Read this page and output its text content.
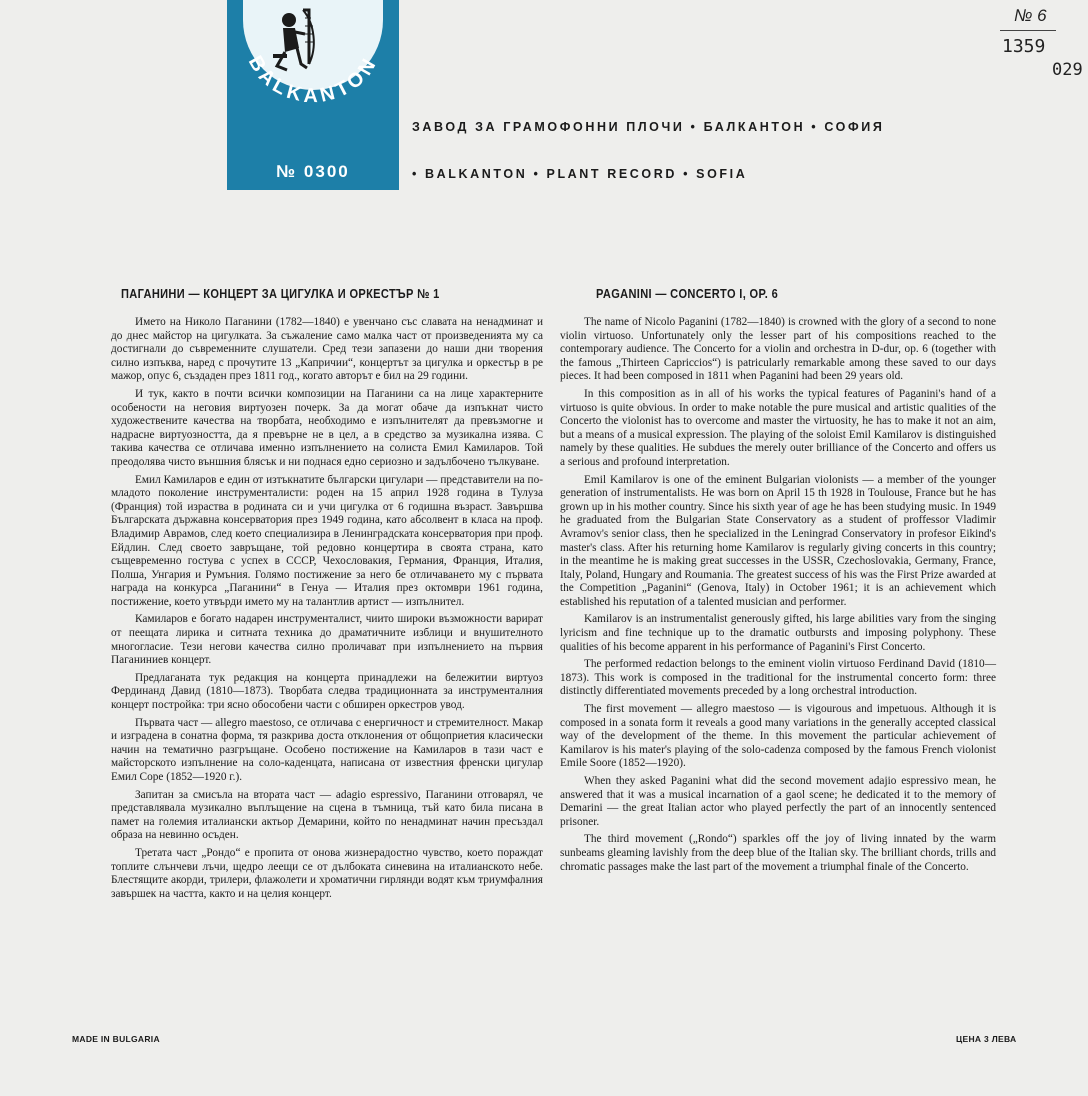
BALKANTON
№ 0300
ЗАВОД ЗА ГРАМОФОННИ ПЛОЧИ • БАЛКАНТОН • СОФИЯ
• BALKANTON • PLANT RECORD • SOFIA
№ 6
1359
029
ПАГАНИНИ — КОНЦЕРТ ЗА ЦИГУЛКА И ОРКЕСТЪР № 1	PAGANINI — CONCERTO I, OP. 6

Името на Николо Паганини (1782—1840) е увенчано със славата на ненадминат и до днес майстор на цигулката. За съжаление само малка част от произведенията му са достигнали до съвременните слушатели. Сред тези запазени до наши дни творения силно изпъква, наред с прочутите 13 „Капричии“, концертът за цигулка и оркестър в ре мажор, опус 6, създаден през 1811 год., когато авторът е бил на 29 години.

И тук, както в почти всички композиции на Паганини са на лице характерните особености на неговия виртуозен почерк. За да могат обаче да изпъкнат чисто художествените качества на творбата, необходимо е изпълнителят да превъзмогне и надрасне виртуозността, да я превърне не в цел, а в средство за музикална изява. С такива качества се отличава именно изпълнението на солиста Емил Камиларов. Той преодолява чисто външния блясък и ни поднася едно сериозно и задълбочено тълкуване.

Емил Камиларов е един от изтъкнатите български цигулари — представители на по-младото поколение инструменталисти: роден на 15 април 1928 година в Тулуза (Франция) той израства в родината си и учи цигулка от 6 годишна възраст. Завършва Българската държавна консерватория през 1949 година, като абсолвент в класа на проф. Владимир Аврамов, след което специализира в Ленинградската консерватория при проф. Ейдлин. След своето завръщане, той редовно концертира в своята страна, като същевременно гостува с успех в СССР, Чехословакия, Германия, Франция, Италия, Полша, Унгария и Румъния. Голямо постижение за него бе отличаването му с първата награда на конкурса „Паганини“ в Генуа — Италия през октомври 1961 година, постижение, което утвърди името му на талантлив артист — изпълнител.

Камиларов е богато надарен инструменталист, чиито широки възможности варират от пеещата лирика и ситната техника до драматичните изблици и внушителното многогласие. Тези негови качества силно проличават при изпълнението на първия Паганиниев концерт.

Предлаганата тук редакция на концерта принадлежи на бележитии виртуоз Фердинанд Давид (1810—1873). Творбата следва традиционната за инструменталния концерт постройка: три ясно обособени части с обширен оркестров увод.

Първата част — allegro maestoso, се отличава с енергичност и стремителност. Макар и изградена в сонатна форма, тя разкрива доста отклонения от общоприетия класически начин на тематично разгръщане. Особено постижение на Камиларов в тази част е майсторското изпълнение на солo-каденцата, написана от известния френски цигулар Емил Соре (1852—1920 г.).

Запитан за смисъла на втората част — adagio espressivo, Паганини отговарял, че представлявала музикално въплъщение на сцена в тъмница, тъй като била писана в памет на големия италиански актьор Демарини, който по ненадминат начин пресъздал образа на невинно осъден.

Третата част „Рондо“ е пропита от онова жизнерадостно чувство, което пораждат топлите слънчеви лъчи, щедро леещи се от дълбоката синевина на италианското небе. Блестящите акорди, трилери, флажолети и хроматични гирлянди водят към триумфалния завършек на частта, както и на целия концерт.

The name of Nicolo Paganini (1782—1840) is crowned with the glory of a second to none violin virtuoso. Unfortunately only the lesser part of his compositions reached to the contemporary audience. The Concerto for a violin and orchestra in D-dur, op. 6 (together with the famous „Thirteen Capriccios“) is patricularly remarkable among these saved to our days pieces. It had been composed in 1811 when Paganini had been 29 years old.

In this composition as in all of his works the typical features of Paganini's hand of a virtuoso is quite obvious. In order to make notable the pure musical and artistic qualities of the Concerto the violonist has to overcome and master the virtuosity, he has to make it not an aim, but a means of a musical expression. The playing of the soloist Emil Kamilarov is distinguished namely by these qualities. He subdues the merely outer brilliance of the Concerto and offers us a serious and profound interpretation.

Emil Kamilarov is one of the eminent Bulgarian violonists — a member of the younger generation of instrumentalists. He was born on April 15 th 1928 in Toulouse, France but he has grown up in his mother country. Since his sixth year of age he has been studying music. In 1949 he graduated from the Bulgarian State Conservatory as a student of proffessor Vladimir Avramov's senior class, then he specialized in the Leningrad Conservatory in profesor Eikind's master's class. After his returning home Kamilarov is regularly giving concerts in this country; in the meantime he is making great successes in the USSR, Czechoslovakia, Germany, France, Italy, Poland, Hungary and Roumania. The greatest success of his was the First Prize awarded at the Competition „Paganini“ (Genova, Italy) in October 1961; it is an achievement which established his reputation of a talented musician and performer.

Kamilarov is an instrumentalist generously gifted, his large abilities vary from the singing lyricism and fine technique up to the dramatic outbursts and imposing polyphony. These qualities of his become apparent in his performance of Paganini's First Concerto.

The performed redaction belongs to the eminent violin virtuoso Ferdinand David (1810—1873). This work is composed in the traditional for the instrumental concerto form: three distinctly differentiated movements preceded by a long orchestral introduction.

The first movement — allegro maestoso — is vigourous and impetuous. Although it is composed in a sonata form it reveals a good many variations in the generally accepted classical way of the development of the theme. In this movement the particular achievement of Kamilarov is his mater's playing of the solo-cadenza composed by the famous French violonist Emile Soore (1852—1920).

When they asked Paganini what did the second movement adajio espressivo mean, he answered that it was a musical incarnation of a gaol scene; he dedicated it to the memory of Demarini — the great Italian actor who played perfectly the part of an innocently sentenced prisoner.

The third movement („Rondo“) sparkles off the joy of living innated by the warm sunbeams gleaming lavishly from the deep blue of the Italian sky. The brilliant chords, trills and chromatic passages make the last part of the movement a triumphal finale of the Concerto.

MADE IN BULGARIA	ЦЕНА 3 ЛЕВА
